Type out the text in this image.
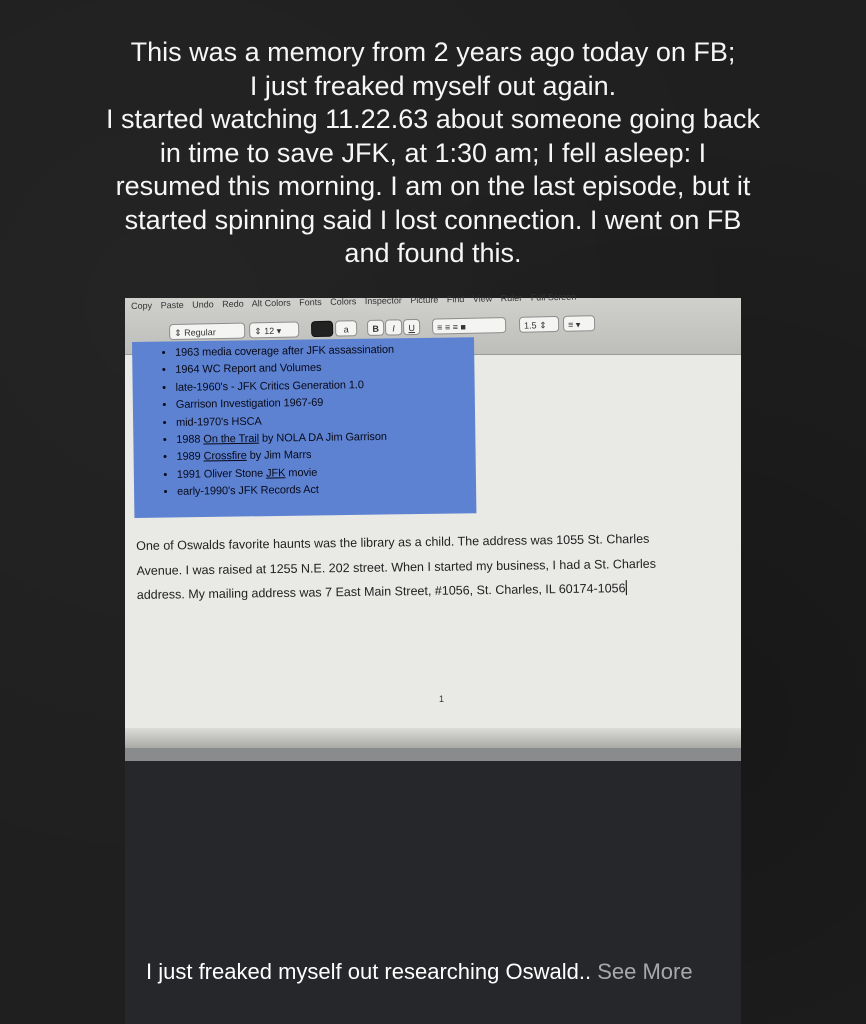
This was a memory from 2 years ago today on FB;
I just freaked myself out again.
I started watching 11.22.63 about someone going back
in time to save JFK, at 1:30 am; I fell asleep: I
resumed this morning. I am on the last episode, but it
started spinning said I lost connection. I went on FB
and found this.
Copy Paste Undo Redo Alt Colors Fonts Colors Inspector Picture Find View Ruler Full Screen
⇕ Regular	⇕ 12 ▾	a	B	I	U	≡ ≡ ≡ ■	1.5 ⇕	≡ ▾
• 1963 media coverage after JFK assassination
• 1964 WC Report and Volumes
• late-1960's - JFK Critics Generation 1.0
• Garrison Investigation 1967-69
• mid-1970's HSCA
• 1988 On the Trail by NOLA DA Jim Garrison
• 1989 Crossfire by Jim Marrs
• 1991 Oliver Stone JFK movie
• early-1990's JFK Records Act
One of Oswalds favorite haunts was the library as a child. The address was 1055 St. Charles
Avenue. I was raised at 1255 N.E. 202 street. When I started my business, I had a St. Charles
address. My mailing address was 7 East Main Street, #1056, St. Charles, IL 60174-1056
1
I just freaked myself out researching Oswald.. See More
